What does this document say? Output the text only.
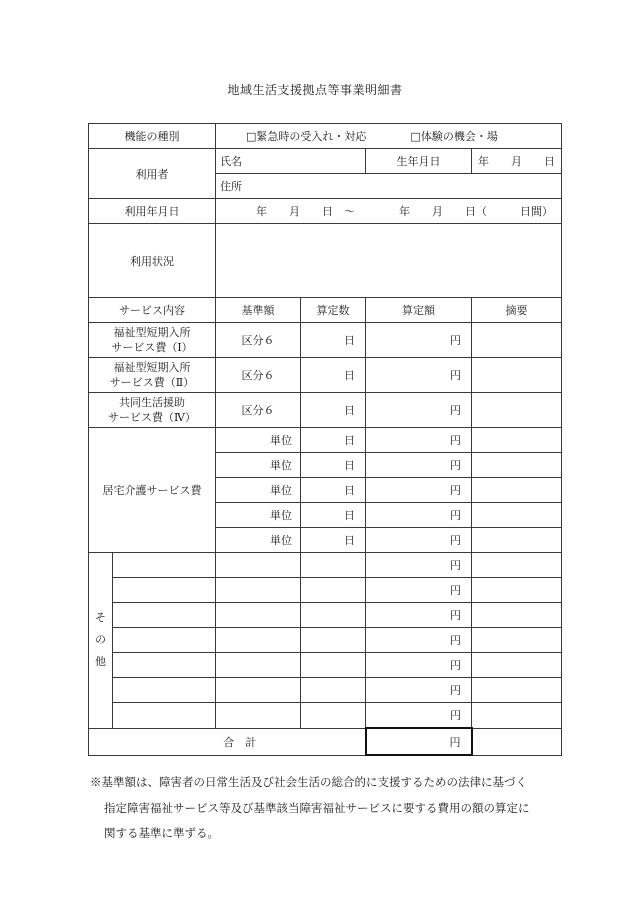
地域生活支援拠点等事業明細書
機能の種別		□緊急時の受入れ・対応 □体験の機会・場			
利用者		氏名		生年月日	年　　月　　日
		住所			
利用年月日		年　　月　　日　～　　　　年　　月　　日（　　　日間）			
利用状況					
サービス内容		基準額	算定数	算定額	摘要
福祉型短期入所
サービス費（Ⅰ）		区分６	日	円	
福祉型短期入所
サービス費（Ⅱ）		区分６	日	円	
共同生活援助
サービス費（Ⅳ）		区分６	日	円	
居宅介護サービス費		単位	日	円	
		単位	日	円	
		単位	日	円	
		単位	日	円	
		単位	日	円	
そ
の
他				円	
				円	
				円	
				円	
				円	
				円	
				円	
合　計				円	

※基準額は、障害者の日常生活及び社会生活の総合的に支援するための法律に基づく

指定障害福祉サービス等及び基準該当障害福祉サービスに要する費用の額の算定に

関する基準に準ずる。
